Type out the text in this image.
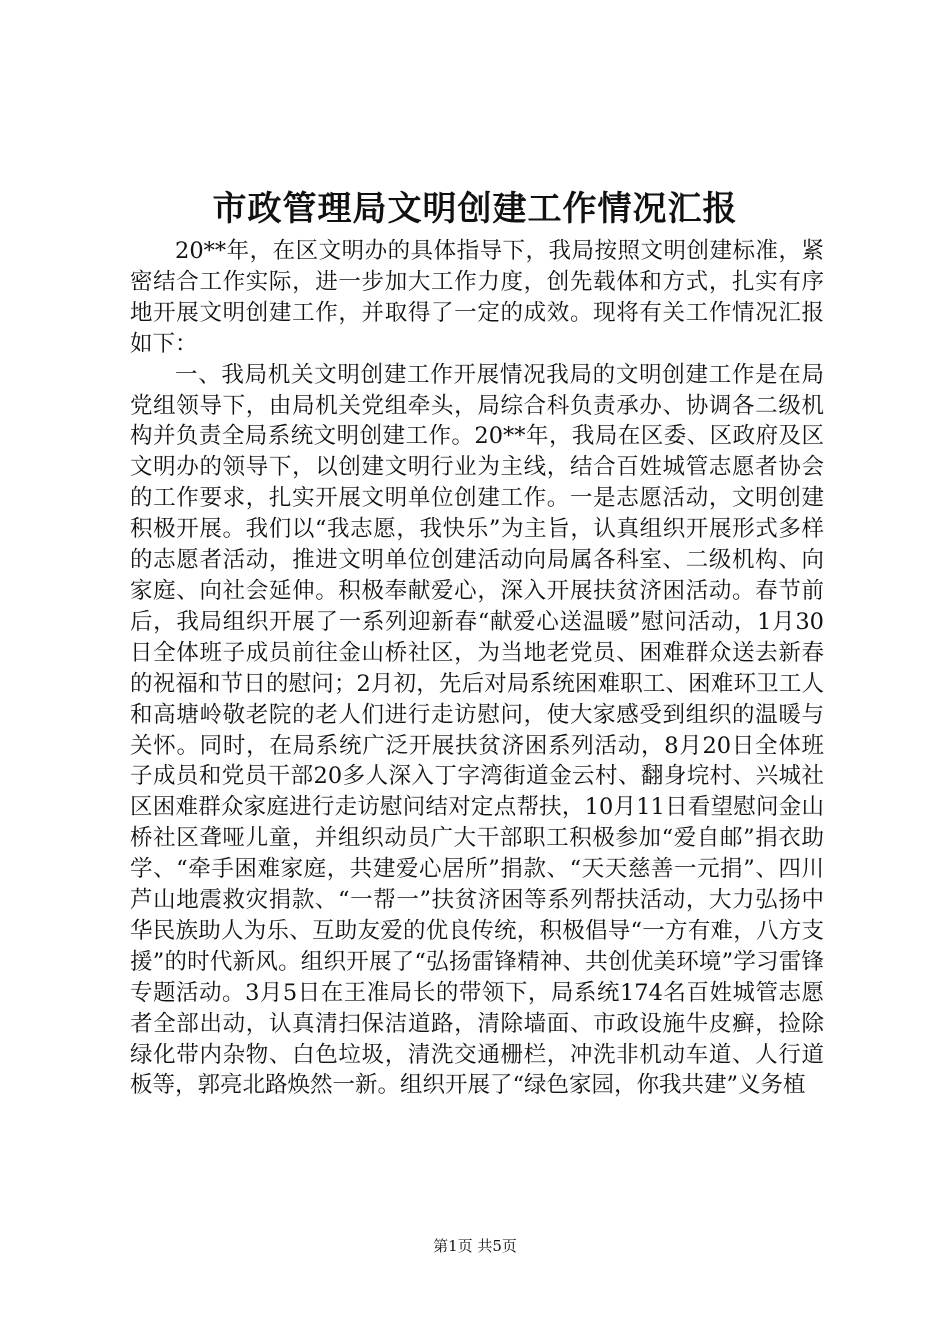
市政管理局文明创建工作情况汇报

20**年，在区文明办的具体指导下，我局按照文明创建标准，紧密结合工作实际，进一步加大工作力度，创先载体和方式，扎实有序地开展文明创建工作，并取得了一定的成效。现将有关工作情况汇报如下：

一、我局机关文明创建工作开展情况我局的文明创建工作是在局党组领导下，由局机关党组牵头，局综合科负责承办、协调各二级机构并负责全局系统文明创建工作。20**年，我局在区委、区政府及区文明办的领导下，以创建文明行业为主线，结合百姓城管志愿者协会的工作要求，扎实开展文明单位创建工作。一是志愿活动，文明创建积极开展。我们以“我志愿，我快乐”为主旨，认真组织开展形式多样的志愿者活动，推进文明单位创建活动向局属各科室、二级机构、向家庭、向社会延伸。积极奉献爱心，深入开展扶贫济困活动。春节前后，我局组织开展了一系列迎新春“献爱心送温暖”慰问活动，1月30日全体班子成员前往金山桥社区，为当地老党员、困难群众送去新春的祝福和节日的慰问；2月初，先后对局系统困难职工、困难环卫工人和高塘岭敬老院的老人们进行走访慰问，使大家感受到组织的温暖与关怀。同时，在局系统广泛开展扶贫济困系列活动，8月20日全体班子成员和党员干部20多人深入丁字湾街道金云村、翻身垸村、兴城社区困难群众家庭进行走访慰问结对定点帮扶，10月11日看望慰问金山桥社区聋哑儿童，并组织动员广大干部职工积极参加“爱自邮”捐衣助学、“牵手困难家庭，共建爱心居所”捐款、“天天慈善一元捐”、四川芦山地震救灾捐款、“一帮一”扶贫济困等系列帮扶活动，大力弘扬中华民族助人为乐、互助友爱的优良传统，积极倡导“一方有难，八方支援”的时代新风。组织开展了“弘扬雷锋精神、共创优美环境”学习雷锋专题活动。3月5日在王准局长的带领下，局系统174名百姓城管志愿者全部出动，认真清扫保洁道路，清除墙面、市政设施牛皮癣，捡除绿化带内杂物、白色垃圾，清洗交通栅栏，冲洗非机动车道、人行道板等，郭亮北路焕然一新。组织开展了“绿色家园，你我共建”义务植

第1页 共5页
